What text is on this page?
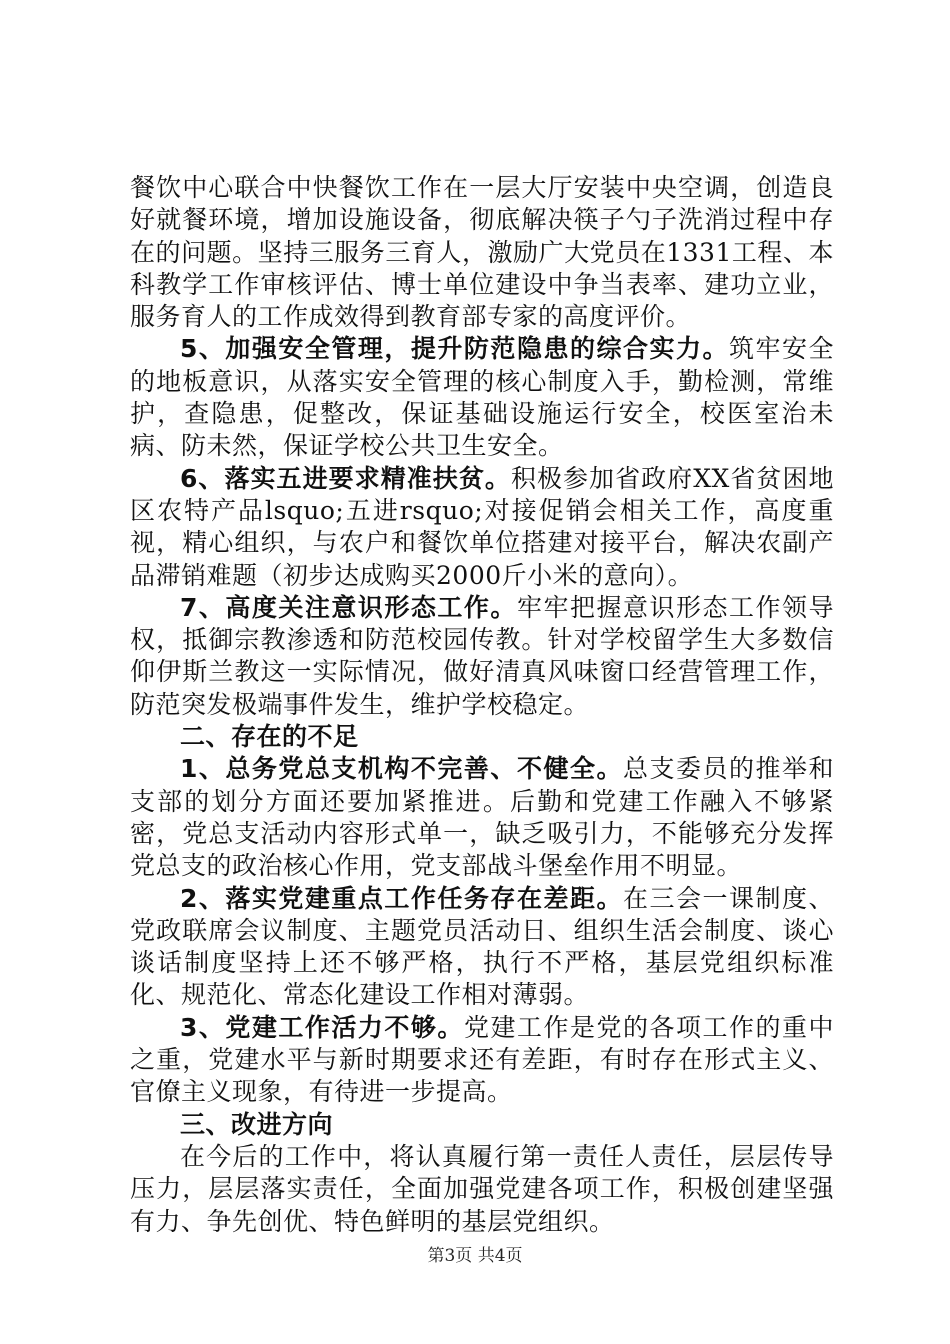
餐饮中心联合中快餐饮工作在一层大厅安装中央空调，创造良好就餐环境，增加设施设备，彻底解决筷子勺子洗消过程中存在的问题。坚持三服务三育人，激励广大党员在1331工程、本科教学工作审核评估、博士单位建设中争当表率、建功立业，服务育人的工作成效得到教育部专家的高度评价。

5、加强安全管理，提升防范隐患的综合实力。筑牢安全的地板意识，从落实安全管理的核心制度入手，勤检测，常维护，查隐患，促整改，保证基础设施运行安全，校医室治未病、防未然，保证学校公共卫生安全。

6、落实五进要求精准扶贫。积极参加省政府XX省贫困地区农特产品lsquo;五进rsquo;对接促销会相关工作，高度重视，精心组织，与农户和餐饮单位搭建对接平台，解决农副产品滞销难题（初步达成购买2000斤小米的意向）。

7、高度关注意识形态工作。牢牢把握意识形态工作领导权，抵御宗教渗透和防范校园传教。针对学校留学生大多数信仰伊斯兰教这一实际情况，做好清真风味窗口经营管理工作，防范突发极端事件发生，维护学校稳定。

二、存在的不足

1、总务党总支机构不完善、不健全。总支委员的推举和支部的划分方面还要加紧推进。后勤和党建工作融入不够紧密，党总支活动内容形式单一，缺乏吸引力，不能够充分发挥党总支的政治核心作用，党支部战斗堡垒作用不明显。

2、落实党建重点工作任务存在差距。在三会一课制度、党政联席会议制度、主题党员活动日、组织生活会制度、谈心谈话制度坚持上还不够严格，执行不严格，基层党组织标准化、规范化、常态化建设工作相对薄弱。

3、党建工作活力不够。党建工作是党的各项工作的重中之重，党建水平与新时期要求还有差距，有时存在形式主义、官僚主义现象，有待进一步提高。

三、改进方向

在今后的工作中，将认真履行第一责任人责任，层层传导压力，层层落实责任，全面加强党建各项工作，积极创建坚强有力、争先创优、特色鲜明的基层党组织。

第3页 共4页
